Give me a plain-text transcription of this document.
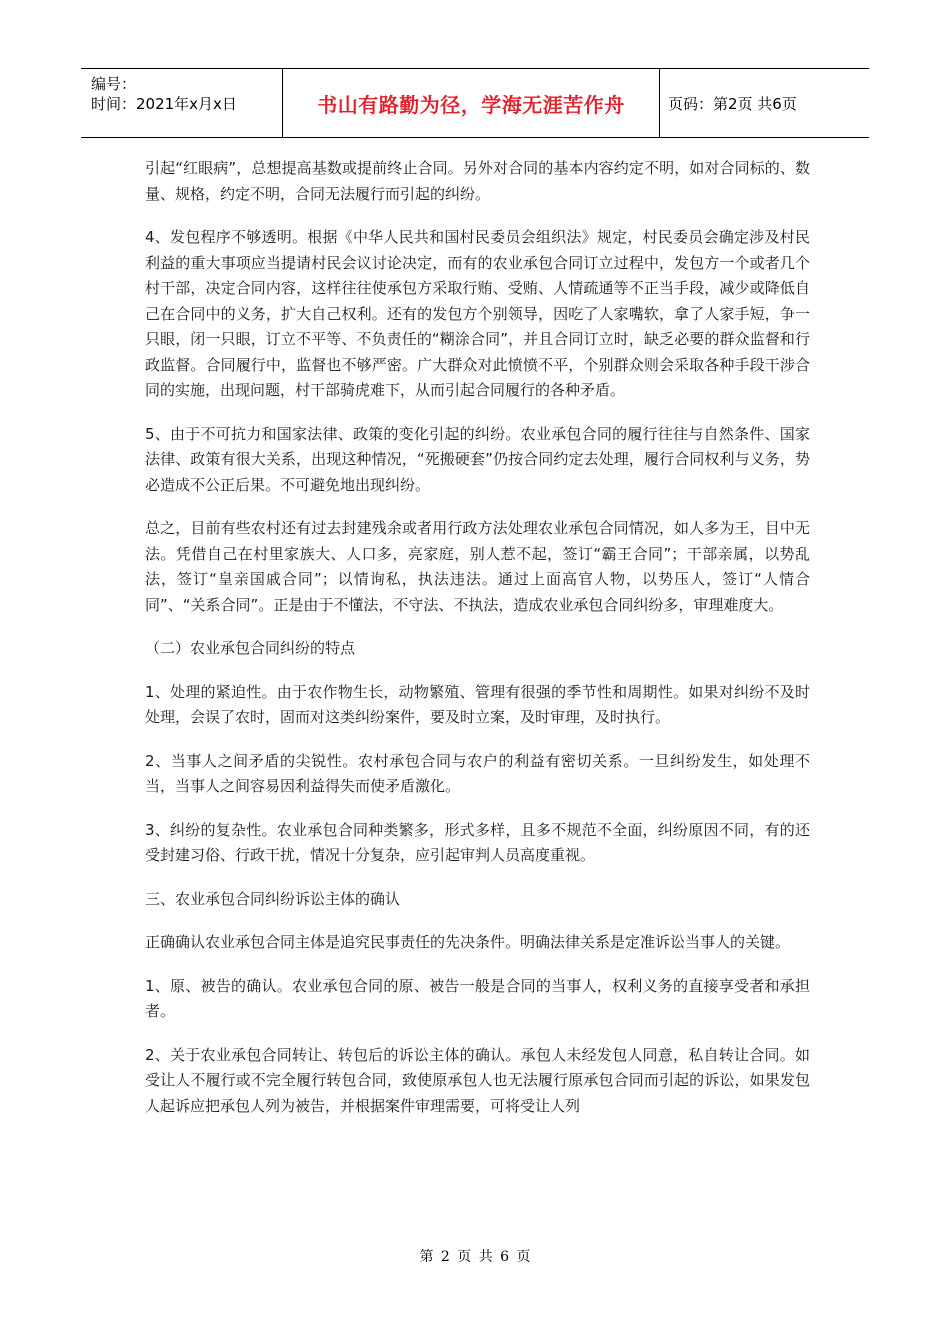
编号：
时间：2021年x月x日	书山有路勤为径，学海无涯苦作舟	页码：第2页 共6页

引起“红眼病”，总想提高基数或提前终止合同。另外对合同的基本内容约定不明，如对合同标的、数量、规格，约定不明，合同无法履行而引起的纠纷。

4、发包程序不够透明。根据《中华人民共和国村民委员会组织法》规定，村民委员会确定涉及村民利益的重大事项应当提请村民会议讨论决定，而有的农业承包合同订立过程中，发包方一个或者几个村干部，决定合同内容，这样往往使承包方采取行贿、受贿、人情疏通等不正当手段，减少或降低自己在合同中的义务，扩大自己权利。还有的发包方个别领导，因吃了人家嘴软，拿了人家手短，争一只眼，闭一只眼，订立不平等、不负责任的“糊涂合同”，并且合同订立时，缺乏必要的群众监督和行政监督。合同履行中，监督也不够严密。广大群众对此愤愤不平，个别群众则会采取各种手段干涉合同的实施，出现问题，村干部骑虎难下，从而引起合同履行的各种矛盾。

5、由于不可抗力和国家法律、政策的变化引起的纠纷。农业承包合同的履行往往与自然条件、国家法律、政策有很大关系，出现这种情况，“死搬硬套”仍按合同约定去处理，履行合同权利与义务，势必造成不公正后果。不可避免地出现纠纷。

总之，目前有些农村还有过去封建残余或者用行政方法处理农业承包合同情况，如人多为王，目中无法。凭借自己在村里家族大、人口多，亮家庭，别人惹不起，签订“霸王合同”；干部亲属，以势乱法，签订“皇亲国戚合同”；以情询私，执法违法。通过上面高官人物，以势压人，签订“人情合同”、“关系合同”。正是由于不懂法，不守法、不执法，造成农业承包合同纠纷多，审理难度大。

（二）农业承包合同纠纷的特点

1、处理的紧迫性。由于农作物生长，动物繁殖、管理有很强的季节性和周期性。如果对纠纷不及时处理，会误了农时，固而对这类纠纷案件，要及时立案，及时审理，及时执行。

2、当事人之间矛盾的尖锐性。农村承包合同与农户的利益有密切关系。一旦纠纷发生，如处理不当，当事人之间容易因利益得失而使矛盾激化。

3、纠纷的复杂性。农业承包合同种类繁多，形式多样，且多不规范不全面，纠纷原因不同，有的还受封建习俗、行政干扰，情况十分复杂，应引起审判人员高度重视。

三、农业承包合同纠纷诉讼主体的确认

正确确认农业承包合同主体是追究民事责任的先决条件。明确法律关系是定准诉讼当事人的关键。

1、原、被告的确认。农业承包合同的原、被告一般是合同的当事人，权利义务的直接享受者和承担者。

2、关于农业承包合同转让、转包后的诉讼主体的确认。承包人未经发包人同意，私自转让合同。如受让人不履行或不完全履行转包合同，致使原承包人也无法履行原承包合同而引起的诉讼，如果发包人起诉应把承包人列为被告，并根据案件审理需要，可将受让人列

第 2 页 共 6 页
